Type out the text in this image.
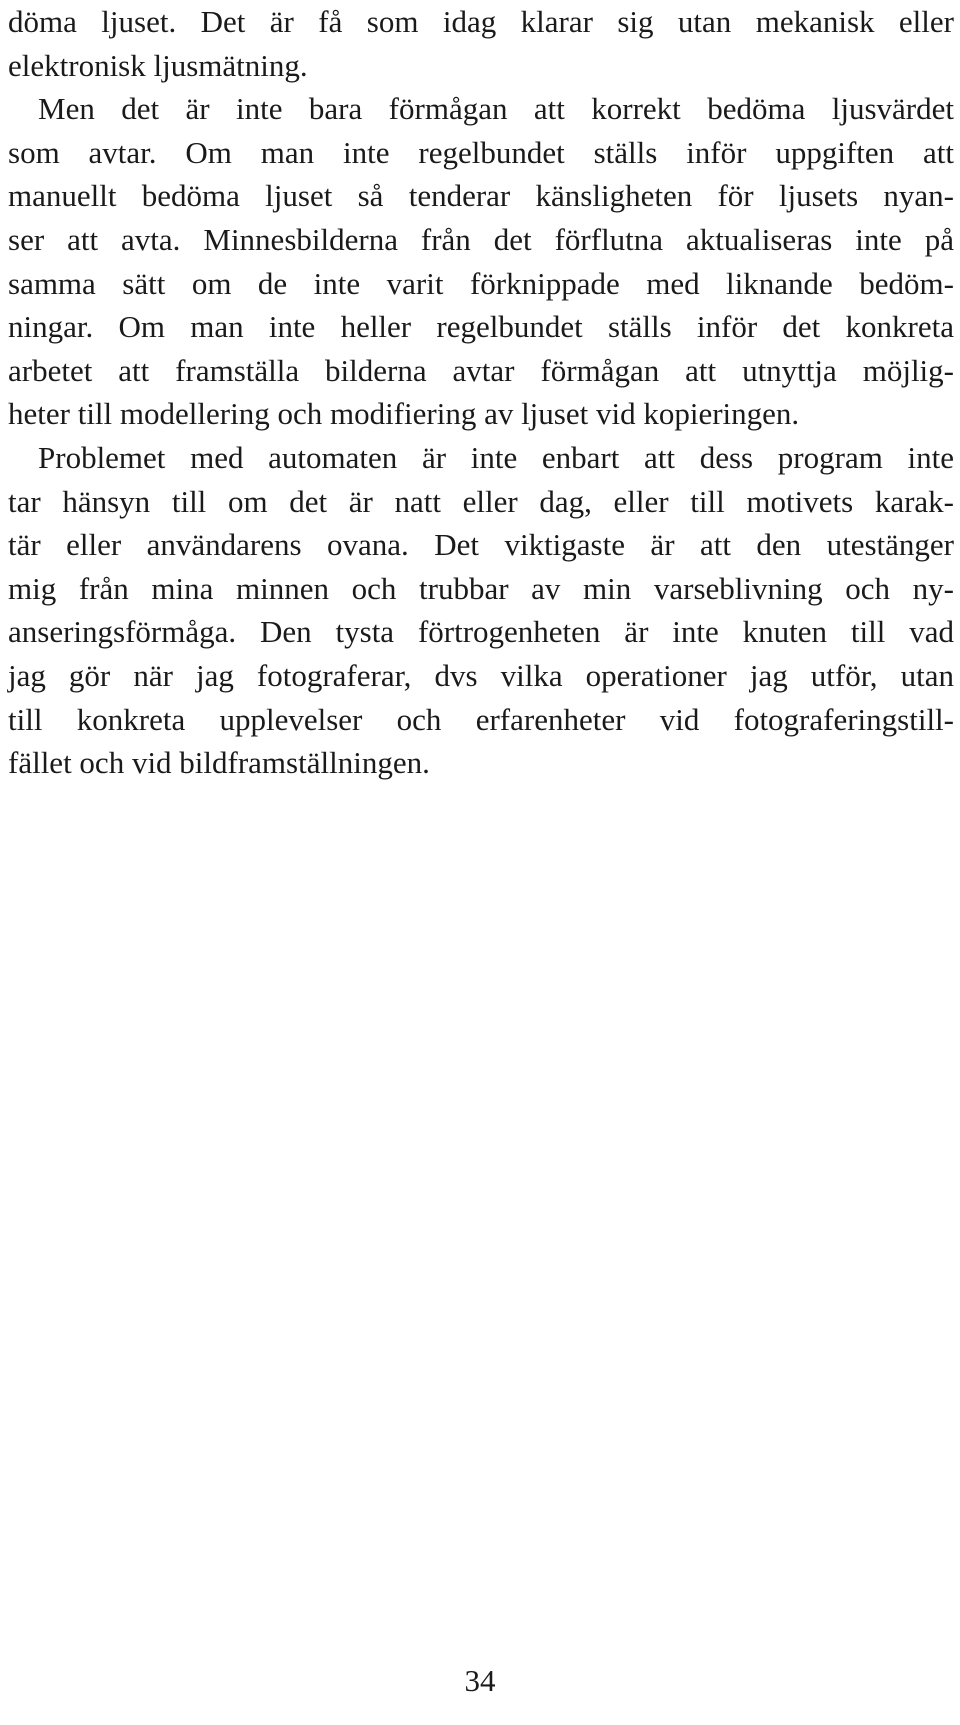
döma ljuset. Det är få som idag klarar sig utan mekanisk eller
elektronisk ljusmätning.
Men det är inte bara förmågan att korrekt bedöma ljusvärdet
som avtar. Om man inte regelbundet ställs inför uppgiften att
manuellt bedöma ljuset så tenderar känsligheten för ljusets nyan-
ser att avta. Minnesbilderna från det förflutna aktualiseras inte på
samma sätt om de inte varit förknippade med liknande bedöm-
ningar. Om man inte heller regelbundet ställs inför det konkreta
arbetet att framställa bilderna avtar förmågan att utnyttja möjlig-
heter till modellering och modifiering av ljuset vid kopieringen.
Problemet med automaten är inte enbart att dess program inte
tar hänsyn till om det är natt eller dag, eller till motivets karak-
tär eller användarens ovana. Det viktigaste är att den utestänger
mig från mina minnen och trubbar av min varseblivning och ny-
anseringsförmåga. Den tysta förtrogenheten är inte knuten till vad
jag gör när jag fotograferar, dvs vilka operationer jag utför, utan
till konkreta upplevelser och erfarenheter vid fotograferingstill-
fället och vid bildframställningen.
34
